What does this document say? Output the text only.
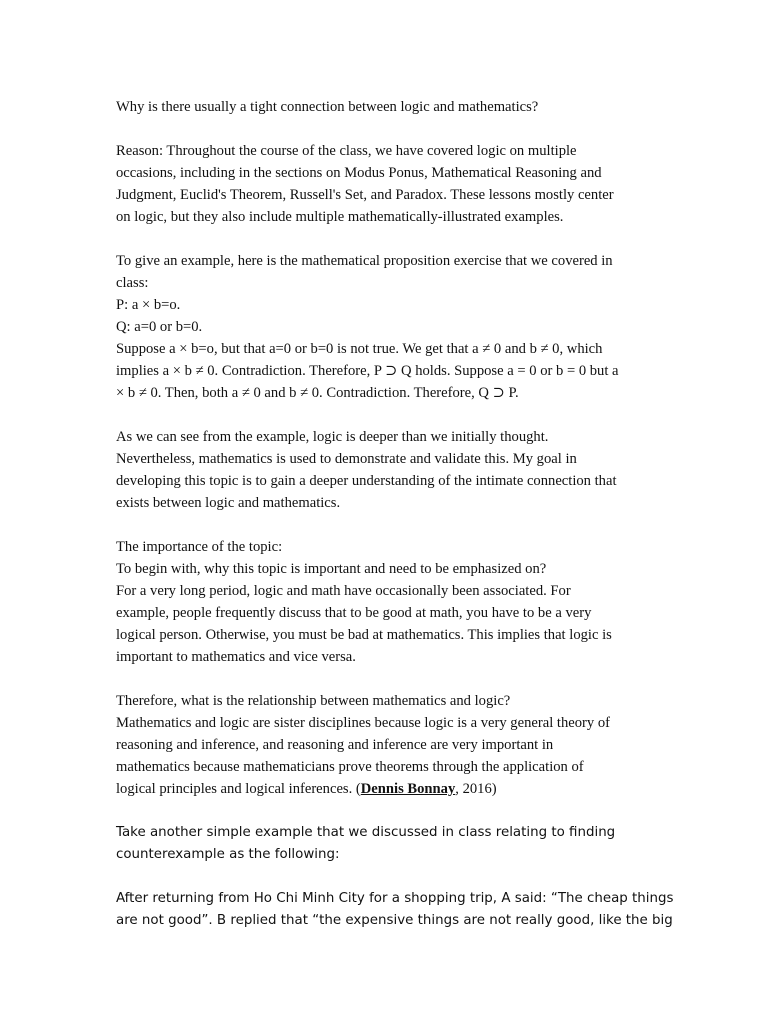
Why is there usually a tight connection between logic and mathematics?

Reason: Throughout the course of the class, we have covered logic on multiple
occasions, including in the sections on Modus Ponus, Mathematical Reasoning and
Judgment, Euclid's Theorem, Russell's Set, and Paradox. These lessons mostly center
on logic, but they also include multiple mathematically-illustrated examples.

To give an example, here is the mathematical proposition exercise that we covered in
class:
P: a × b=o.
Q: a=0 or b=0.
Suppose a × b=o, but that a=0 or b=0 is not true. We get that a ≠ 0 and b ≠ 0, which
implies a × b ≠ 0. Contradiction. Therefore, P ⊃ Q holds. Suppose a = 0 or b = 0 but a
× b ≠ 0. Then, both a ≠ 0 and b ≠ 0. Contradiction. Therefore, Q ⊃ P.

As we can see from the example, logic is deeper than we initially thought.
Nevertheless, mathematics is used to demonstrate and validate this. My goal in
developing this topic is to gain a deeper understanding of the intimate connection that
exists between logic and mathematics.

The importance of the topic:
To begin with, why this topic is important and need to be emphasized on?
For a very long period, logic and math have occasionally been associated. For
example, people frequently discuss that to be good at math, you have to be a very
logical person. Otherwise, you must be bad at mathematics. This implies that logic is
important to mathematics and vice versa.

Therefore, what is the relationship between mathematics and logic?
Mathematics and logic are sister disciplines because logic is a very general theory of
reasoning and inference, and reasoning and inference are very important in
mathematics because mathematicians prove theorems through the application of
logical principles and logical inferences. (Dennis Bonnay, 2016)

Take another simple example that we discussed in class relating to finding
counterexample as the following:

After returning from Ho Chi Minh City for a shopping trip, A said: “The cheap things
are not good”. B replied that “the expensive things are not really good, like the big
